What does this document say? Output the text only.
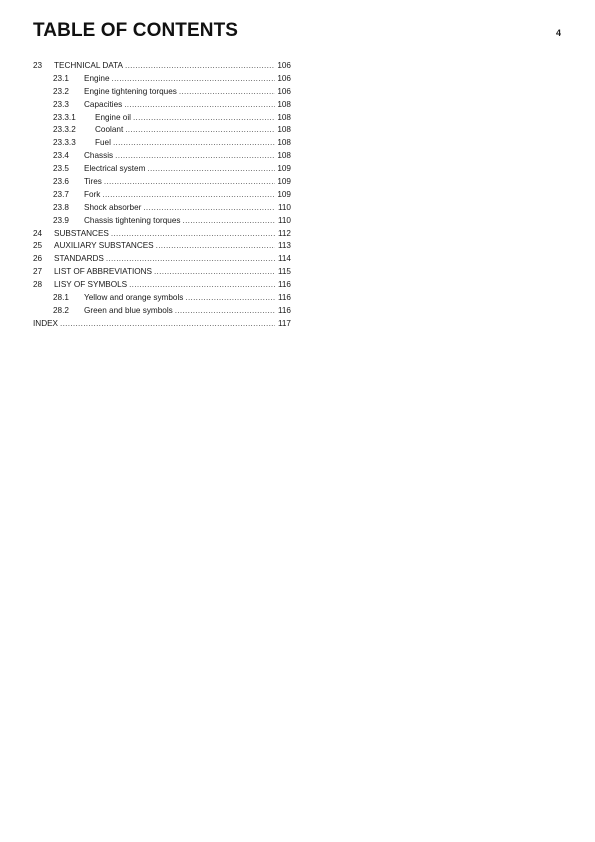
TABLE OF CONTENTS	4
23	TECHNICAL DATA .....	106
23.1	Engine .....	106
23.2	Engine tightening torques .....	106
23.3	Capacities .....	108
23.3.1	Engine oil .....	108
23.3.2	Coolant .....	108
23.3.3	Fuel .....	108
23.4	Chassis .....	108
23.5	Electrical system .....	109
23.6	Tires .....	109
23.7	Fork .....	109
23.8	Shock absorber .....	110
23.9	Chassis tightening torques .....	110
24	SUBSTANCES .....	112
25	AUXILIARY SUBSTANCES .....	113
26	STANDARDS .....	114
27	LIST OF ABBREVIATIONS .....	115
28	LISY OF SYMBOLS .....	116
28.1	Yellow and orange symbols .....	116
28.2	Green and blue symbols .....	116
INDEX .....	117
